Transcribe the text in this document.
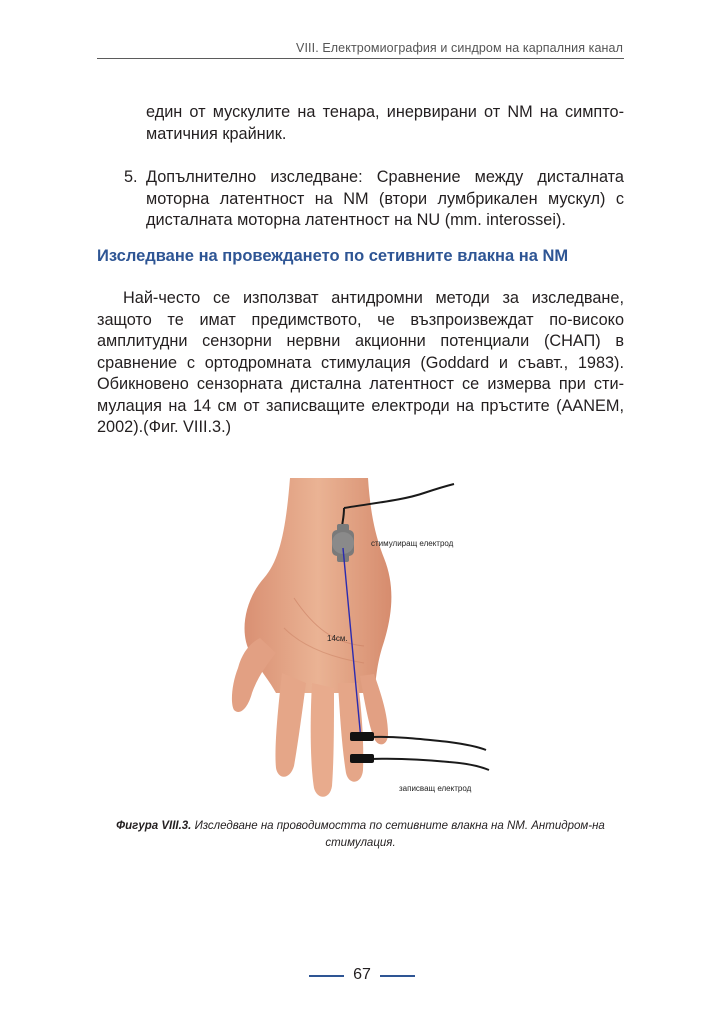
VIII. Електромиография и синдром на карпалния канал

един от мускулите на тенара, инервирани от NM на симпто-матичния крайник.

5. Допълнително изследване: Сравнение между дисталната моторна латентност на NM (втори лумбрикален мускул) с дисталната моторна латентност на NU (mm. interossei).
Изследване на провеждането по сетивните влакна на NM

Най-често се използват антидромни методи за изследване, защото те имат предимството, че възпроизвеждат по-високо амплитудни сензорни нервни акционни потенциали (СНАП) в сравнение с ортодромната стимулация (Goddard и съавт., 1983). Обикновено сензорната дистална латентност се измерва при сти-мулация на 14 см от записващите електроди на пръстите (AANEM, 2002).(Фиг. VIII.3.)

стимулиращ електрод
14см.
записващ електрод

Фигура VIII.3. Изследване на проводимостта по сетивните влакна на NM. Антидром-на стимулация.

67
